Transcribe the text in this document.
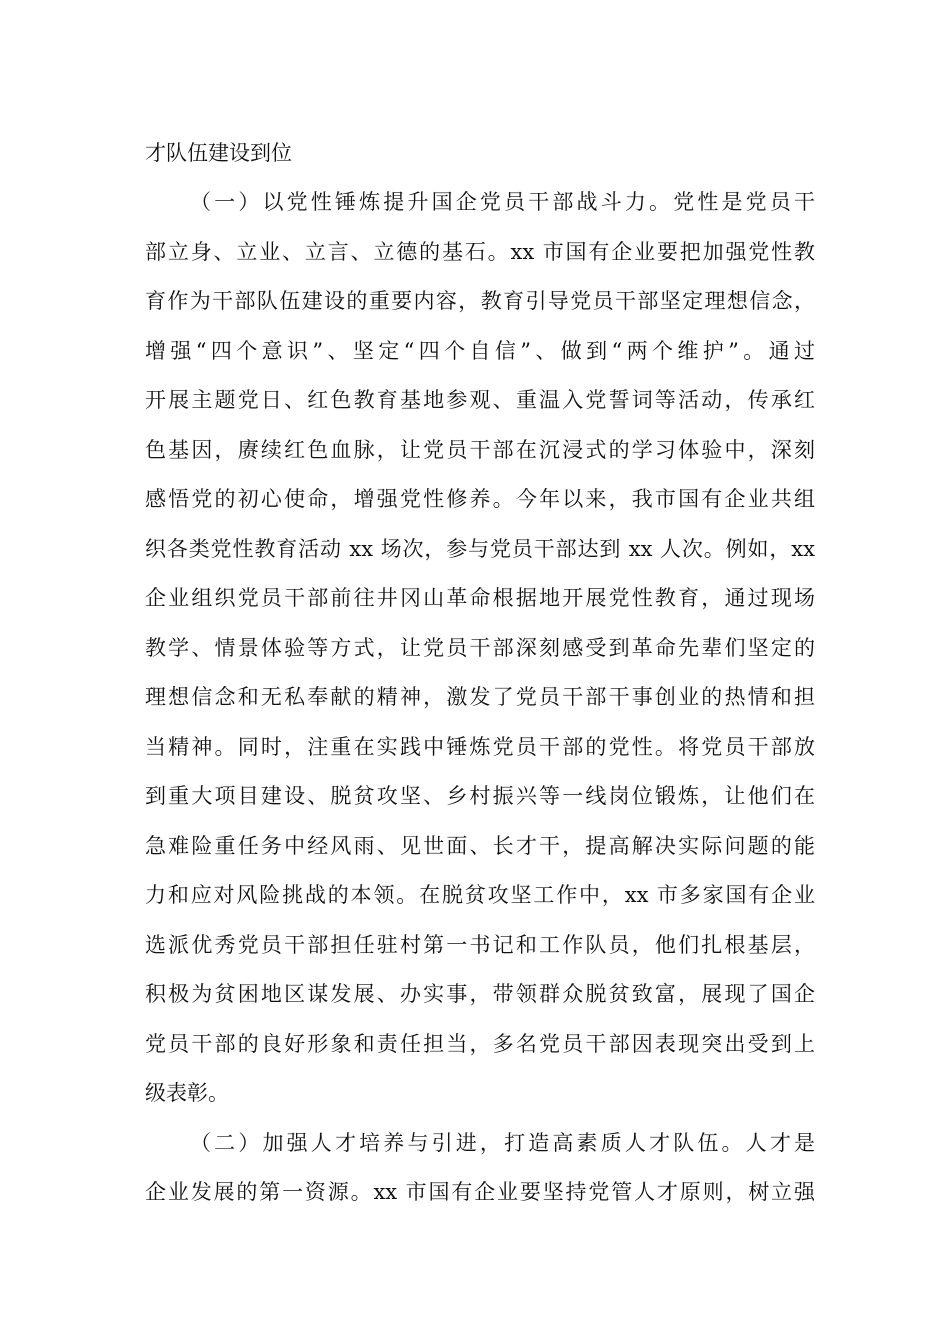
才队伍建设到位
（一）以党性锤炼提升国企党员干部战斗力。党性是党员干
部立身、立业、立言、立德的基石。xx 市国有企业要把加强党性教
育作为干部队伍建设的重要内容，教育引导党员干部坚定理想信念，
增强“四个意识”、坚定“四个自信”、做到“两个维护”。通过
开展主题党日、红色教育基地参观、重温入党誓词等活动，传承红
色基因，赓续红色血脉，让党员干部在沉浸式的学习体验中，深刻
感悟党的初心使命，增强党性修养。今年以来，我市国有企业共组
织各类党性教育活动 xx 场次，参与党员干部达到 xx 人次。例如，xx
企业组织党员干部前往井冈山革命根据地开展党性教育，通过现场
教学、情景体验等方式，让党员干部深刻感受到革命先辈们坚定的
理想信念和无私奉献的精神，激发了党员干部干事创业的热情和担
当精神。同时，注重在实践中锤炼党员干部的党性。将党员干部放
到重大项目建设、脱贫攻坚、乡村振兴等一线岗位锻炼，让他们在
急难险重任务中经风雨、见世面、长才干，提高解决实际问题的能
力和应对风险挑战的本领。在脱贫攻坚工作中，xx 市多家国有企业
选派优秀党员干部担任驻村第一书记和工作队员，他们扎根基层，
积极为贫困地区谋发展、办实事，带领群众脱贫致富，展现了国企
党员干部的良好形象和责任担当，多名党员干部因表现突出受到上
级表彰。
（二）加强人才培养与引进，打造高素质人才队伍。人才是
企业发展的第一资源。xx 市国有企业要坚持党管人才原则，树立强
